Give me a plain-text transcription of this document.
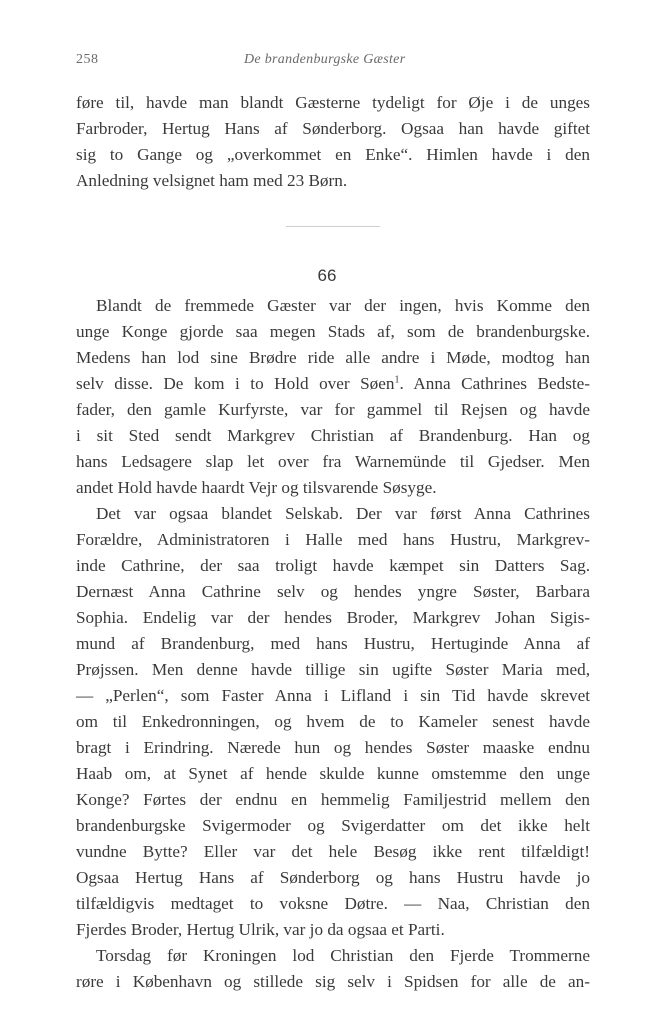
258	De brandenburgske Gæster

føre til, havde man blandt Gæsterne tydeligt for Øje i de unges
Farbroder, Hertug Hans af Sønderborg. Ogsaa han havde giftet
sig to Gange og „overkommet en Enke“. Himlen havde i den
Anledning velsignet ham med 23 Børn.

66

Blandt de fremmede Gæster var der ingen, hvis Komme den
unge Konge gjorde saa megen Stads af, som de brandenburgske.
Medens han lod sine Brødre ride alle andre i Møde, modtog han
selv disse. De kom i to Hold over Søen$^1$. Anna Cathrines Bedste-
fader, den gamle Kurfyrste, var for gammel til Rejsen og havde
i sit Sted sendt Markgrev Christian af Brandenburg. Han og
hans Ledsagere slap let over fra Warnemünde til Gjedser. Men
andet Hold havde haardt Vejr og tilsvarende Søsyge.

Det var ogsaa blandet Selskab. Der var først Anna Cathrines
Forældre, Administratoren i Halle med hans Hustru, Markgrev-
inde Cathrine, der saa troligt havde kæmpet sin Datters Sag.
Dernæst Anna Cathrine selv og hendes yngre Søster, Barbara
Sophia. Endelig var der hendes Broder, Markgrev Johan Sigis-
mund af Brandenburg, med hans Hustru, Hertuginde Anna af
Prøjssen. Men denne havde tillige sin ugifte Søster Maria med,
— „Perlen“, som Faster Anna i Lifland i sin Tid havde skrevet
om til Enkedronningen, og hvem de to Kameler senest havde
bragt i Erindring. Nærede hun og hendes Søster maaske endnu
Haab om, at Synet af hende skulde kunne omstemme den unge
Konge? Førtes der endnu en hemmelig Familjestrid mellem den
brandenburgske Svigermoder og Svigerdatter om det ikke helt
vundne Bytte? Eller var det hele Besøg ikke rent tilfældigt!
Ogsaa Hertug Hans af Sønderborg og hans Hustru havde jo
tilfældigvis medtaget to voksne Døtre. — Naa, Christian den
Fjerdes Broder, Hertug Ulrik, var jo da ogsaa et Parti.

Torsdag før Kroningen lod Christian den Fjerde Trommerne
røre i København og stillede sig selv i Spidsen for alle de an-
